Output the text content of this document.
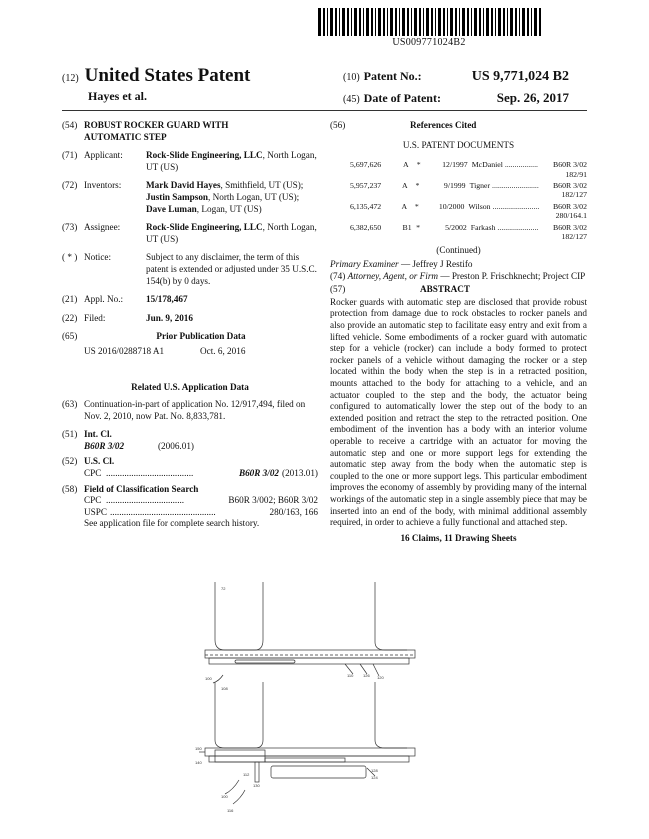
US009771024B2
(12) United States Patent
Hayes et al.
(10) Patent No.:	US 9,771,024 B2
(45) Date of Patent:	Sep. 26, 2017
(54) ROBUST ROCKER GUARD WITH
AUTOMATIC STEP
(71) Applicant:	Rock-Slide Engineering, LLC, North Logan, UT (US)
(72) Inventors:	Mark David Hayes, Smithfield, UT (US); Justin Sampson, North Logan, UT (US); Dave Luman, Logan, UT (US)
(73) Assignee:	Rock-Slide Engineering, LLC, North Logan, UT (US)
( * ) Notice:	Subject to any disclaimer, the term of this patent is extended or adjusted under 35 U.S.C. 154(b) by 0 days.
(21) Appl. No.:	15/178,467
(22) Filed:	Jun. 9, 2016
(65)	Prior Publication Data
US 2016/0288718 A1	Oct. 6, 2016
Related U.S. Application Data
(63) Continuation-in-part of application No. 12/917,494, filed on Nov. 2, 2010, now Pat. No. 8,833,781.
(51) Int. Cl.
B60R 3/02	(2006.01)
(52) U.S. Cl.

CPC ......................................	B60R 3/02 (2013.01)
(58) Field of Classification Search

CPC ..................................	B60R 3/002; B60R 3/02
USPC ..............................................	280/163, 166
See application file for complete search history.
(56)	References Cited
U.S. PATENT DOCUMENTS
5,697,626	A	*	12/1997 McDaniel .................	B60R 3/02
182/91
5,957,237	A	*	9/1999 Tigner ........................	B60R 3/02
182/127
6,135,472	A *	10/2000 Wilson ........................	B60R 3/02
280/164.1
6,382,650	B1 *	5/2002 Farkash .....................	B60R 3/02
182/127
(Continued)
Primary Examiner — Jeffrey J Restifo
(74) Attorney, Agent, or Firm — Preston P. Frischknecht; Project CIP
(57)	ABSTRACT
Rocker guards with automatic step are disclosed that provide robust protection from damage due to rock obstacles to rocker panels and also provide an automatic step to facilitate easy entry and exit from a lifted vehicle. Some embodiments of a rocker guard with automatic step for a vehicle (rocker) can include a body formed to protect rocker panels of a vehicle without damaging the rocker or a step located within the body when the step is in a retracted position, mounts attached to the body for attaching to a vehicle, and an actuator coupled to the step and the body, the actuator being configured to automatically lower the step out of the body to an extended position and retract the step to the retracted position. One embodiment of the invention has a body with an interior volume operable to receive a cartridge with an actuator for moving the automatic step and one or more support legs for extending the automatic step away from the body when the automatic step is coupled to the one or more support legs. This particular embodiment improves the economy of assembly by providing many of the internal workings of the automatic step in a single assembly piece that may be inserted into an end of the body, with minimal additional assembly required, in order to achieve a fully functional and attached step.
16 Claims, 11 Drawing Sheets
72
100
110 126 120
150
140
100
112
130
124
128
116
108
